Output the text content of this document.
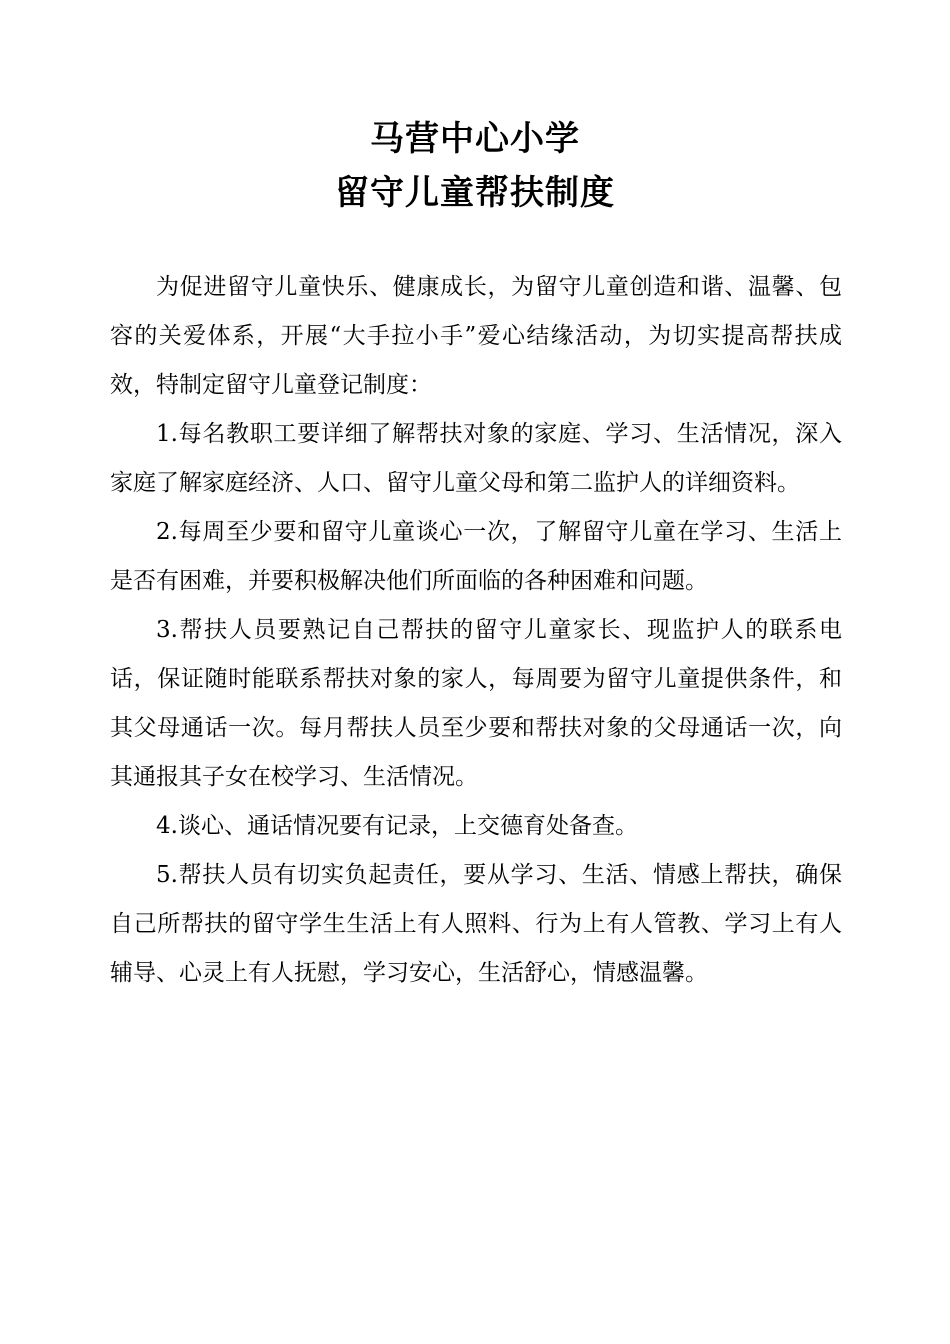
马营中心小学
留守儿童帮扶制度

为促进留守儿童快乐、健康成长，为留守儿童创造和谐、温馨、包容的关爱体系，开展“大手拉小手”爱心结缘活动，为切实提高帮扶成效，特制定留守儿童登记制度：

1.每名教职工要详细了解帮扶对象的家庭、学习、生活情况，深入家庭了解家庭经济、人口、留守儿童父母和第二监护人的详细资料。

2.每周至少要和留守儿童谈心一次，了解留守儿童在学习、生活上是否有困难，并要积极解决他们所面临的各种困难和问题。

3.帮扶人员要熟记自己帮扶的留守儿童家长、现监护人的联系电话，保证随时能联系帮扶对象的家人，每周要为留守儿童提供条件，和其父母通话一次。每月帮扶人员至少要和帮扶对象的父母通话一次，向其通报其子女在校学习、生活情况。

4.谈心、通话情况要有记录，上交德育处备查。

5.帮扶人员有切实负起责任，要从学习、生活、情感上帮扶，确保自己所帮扶的留守学生生活上有人照料、行为上有人管教、学习上有人辅导、心灵上有人抚慰，学习安心，生活舒心，情感温馨。
